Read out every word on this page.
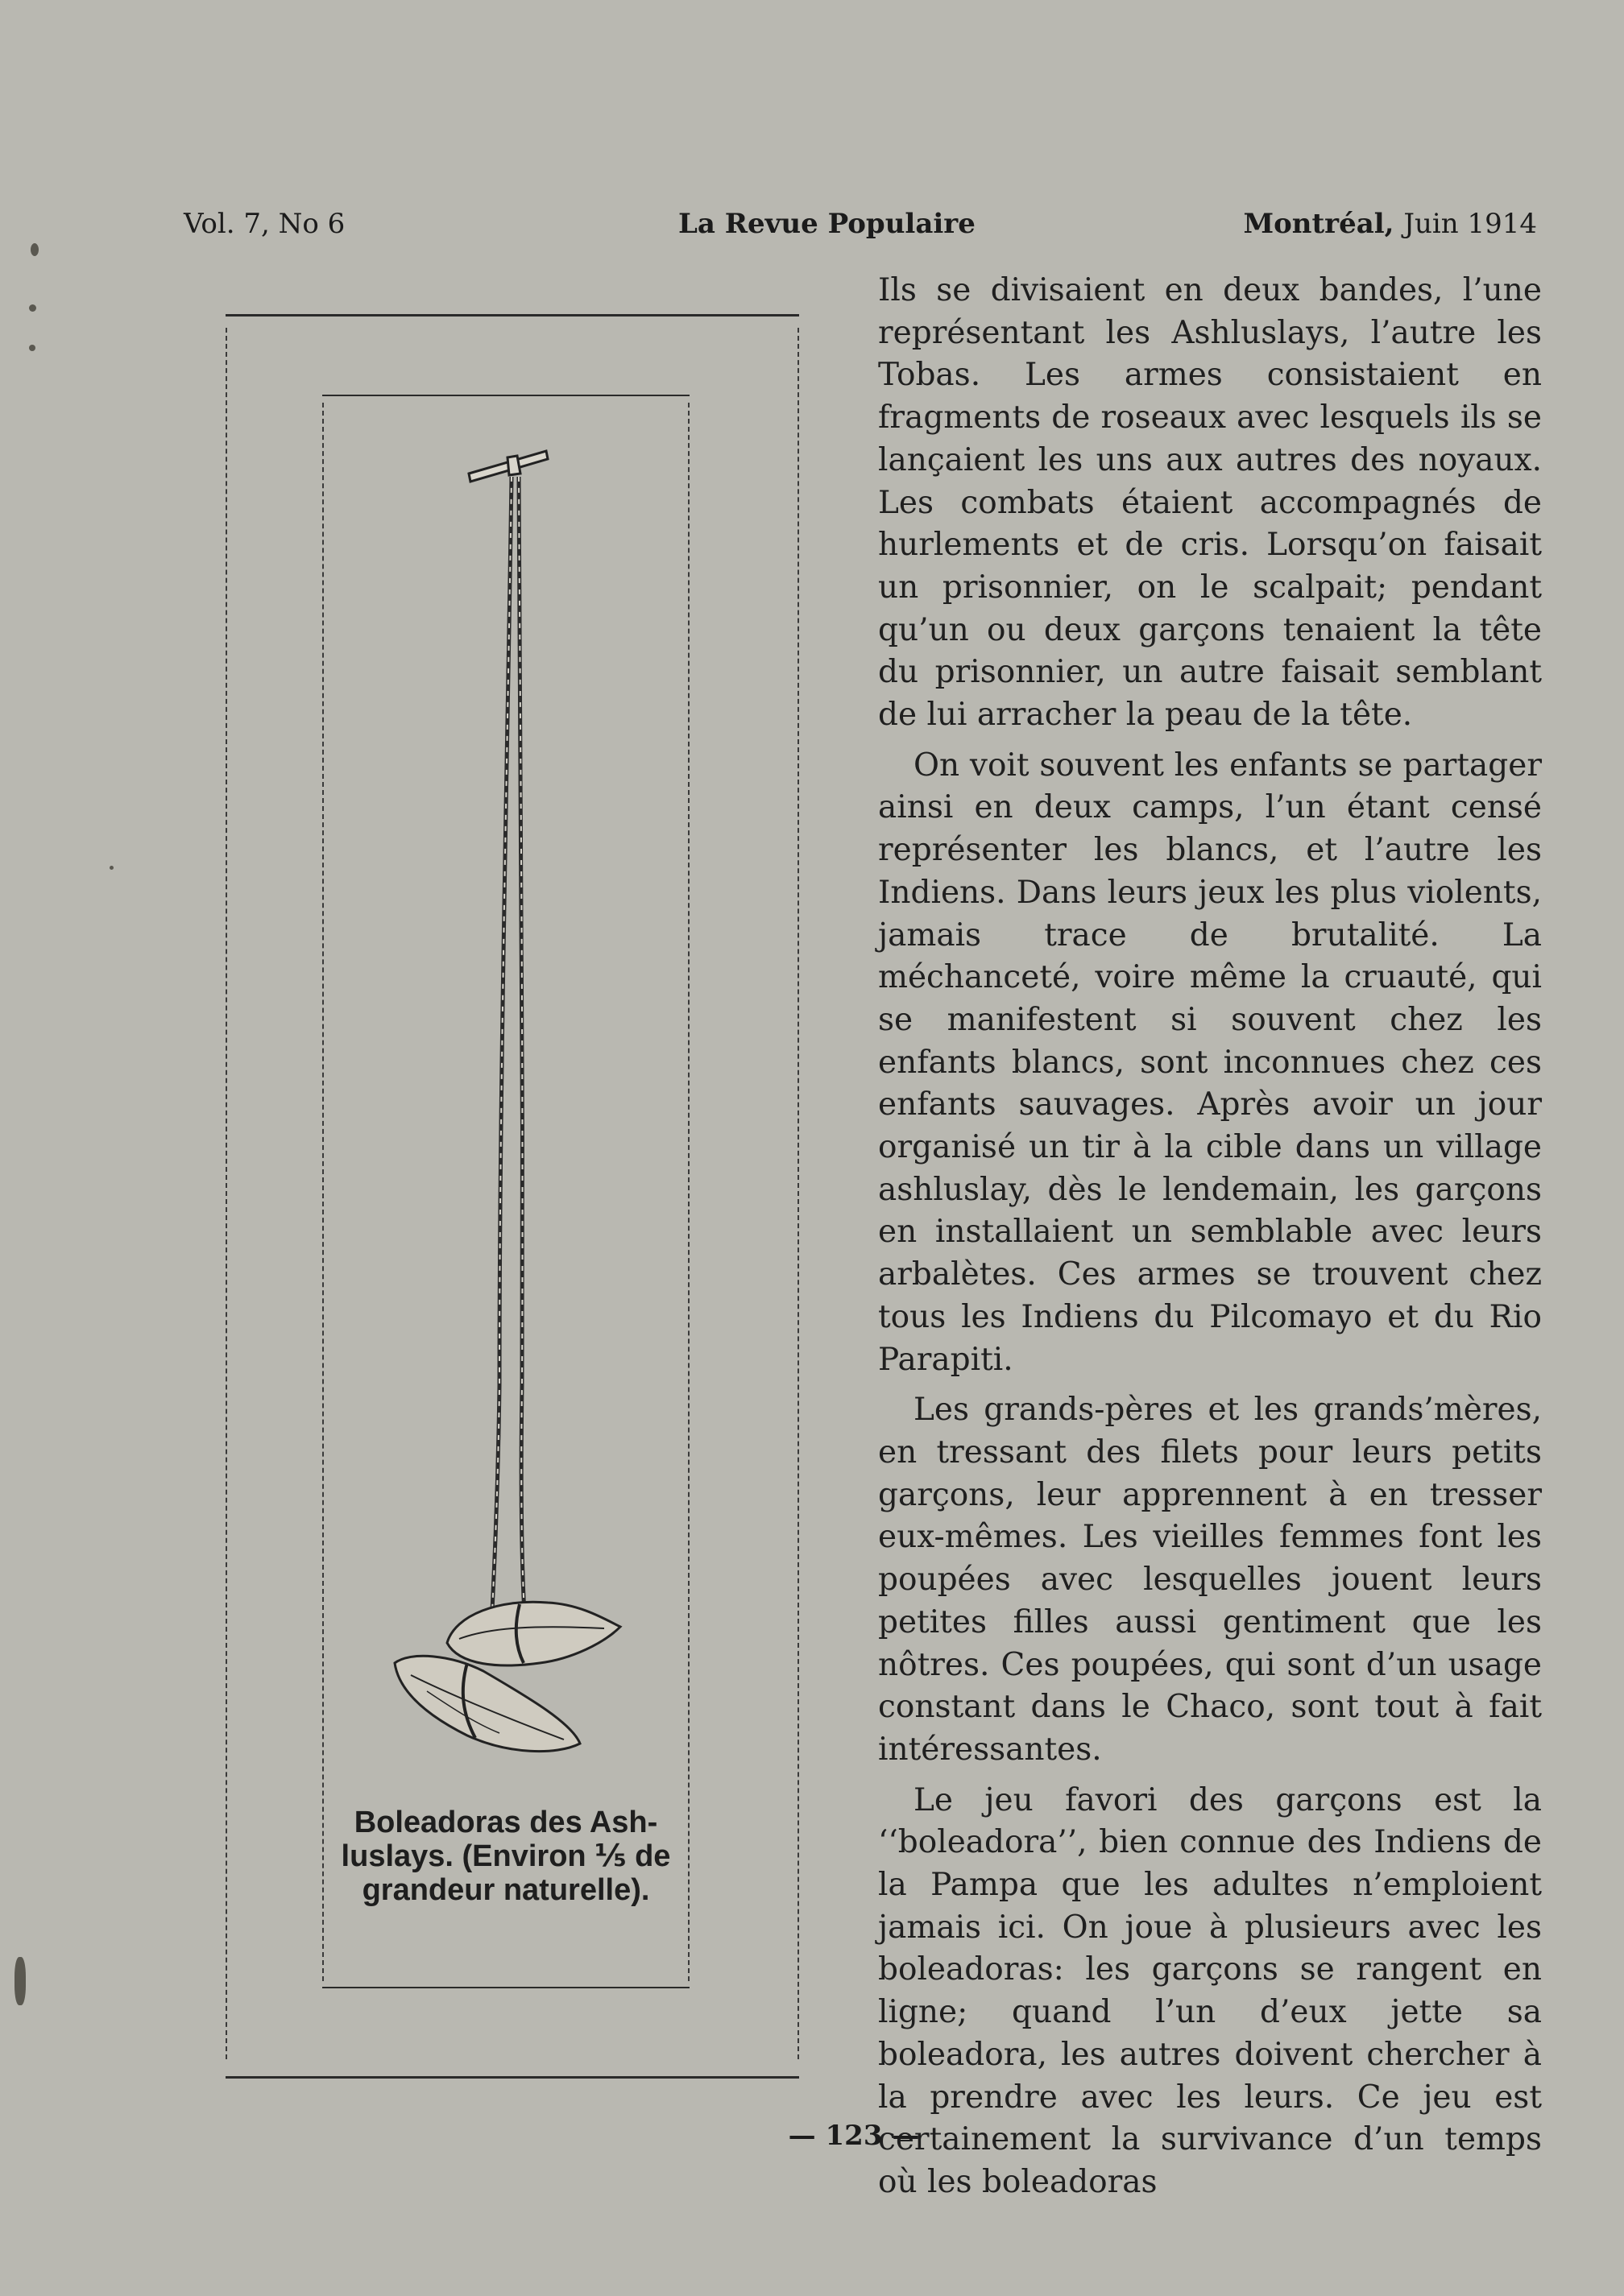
Vol. 7, No 6	La Revue Populaire	Montréal, Juin 1914

Boleadoras des Ash-luslays. (Environ ⅕ de grandeur naturelle).

Ils se divisaient en deux bandes, l’une représentant les Ashluslays, l’autre les Tobas. Les armes consistaient en fragments de roseaux avec lesquels ils se lançaient les uns aux autres des noyaux. Les combats étaient accompagnés de hurlements et de cris. Lorsqu’on faisait un prisonnier, on le scalpait; pendant qu’un ou deux garçons tenaient la tête du prisonnier, un autre faisait semblant de lui arracher la peau de la tête.

On voit souvent les enfants se partager ainsi en deux camps, l’un étant censé représenter les blancs, et l’autre les Indiens. Dans leurs jeux les plus violents, jamais trace de brutalité. La méchanceté, voire même la cruauté, qui se manifestent si souvent chez les enfants blancs, sont inconnues chez ces enfants sauvages. Après avoir un jour organisé un tir à la cible dans un village ashluslay, dès le lendemain, les garçons en installaient un semblable avec leurs arbalètes. Ces armes se trouvent chez tous les Indiens du Pilcomayo et du Rio Parapiti.

Les grands-pères et les grands’mères, en tressant des filets pour leurs petits garçons, leur apprennent à en tresser eux-mêmes. Les vieilles femmes font les poupées avec lesquelles jouent leurs petites filles aussi gentiment que les nôtres. Ces poupées, qui sont d’un usage constant dans le Chaco, sont tout à fait intéressantes.

Le jeu favori des garçons est la ‘‘boleadora’’, bien connue des Indiens de la Pampa que les adultes n’emploient jamais ici. On joue à plusieurs avec les boleadoras: les garçons se rangent en ligne; quand l’un d’eux jette sa boleadora, les autres doivent chercher à la prendre avec les leurs. Ce jeu est certainement la survivance d’un temps où les boleadoras

— 123 —
